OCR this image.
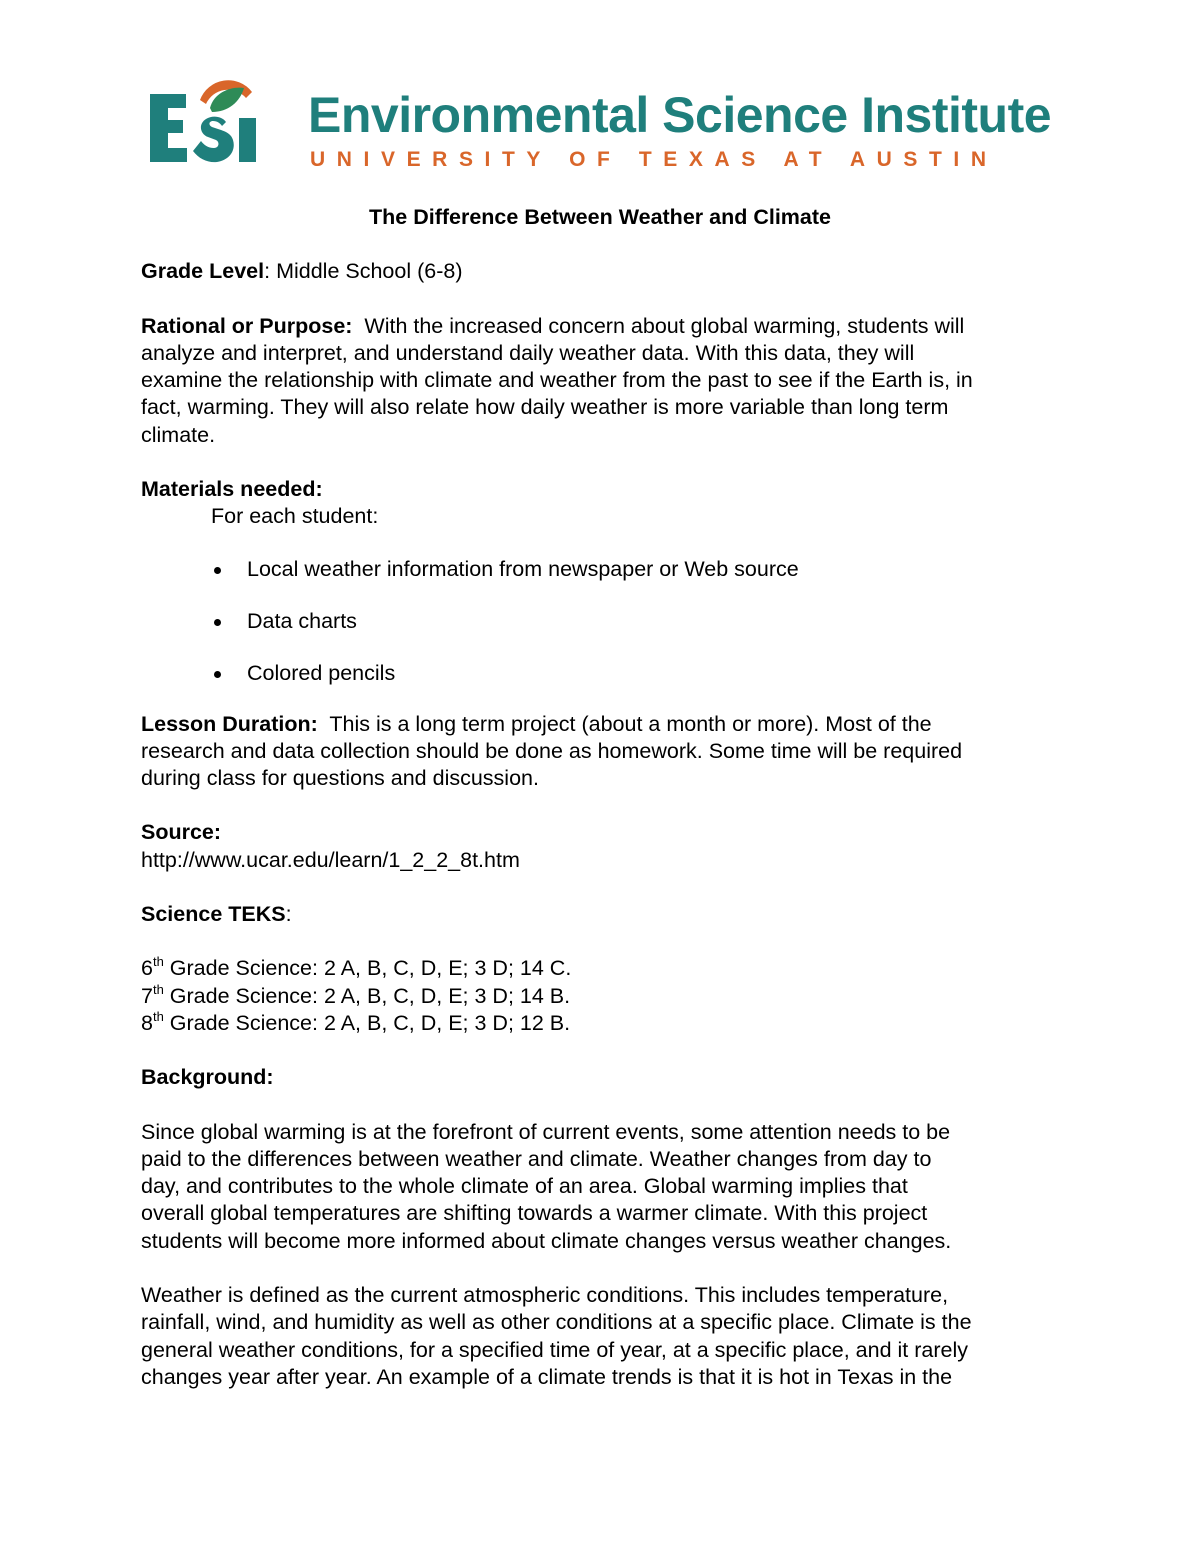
Environmental Science Institute
UNIVERSITY OF TEXAS AT AUSTIN

The Difference Between Weather and Climate

Grade Level: Middle School (6-8)

Rational or Purpose: With the increased concern about global warming, students will

analyze and interpret, and understand daily weather data. With this data, they will

examine the relationship with climate and weather from the past to see if the Earth is, in

fact, warming. They will also relate how daily weather is more variable than long term

climate.

Materials needed:

For each student:

Local weather information from newspaper or Web source
Data charts
Colored pencils

Lesson Duration: This is a long term project (about a month or more). Most of the

research and data collection should be done as homework. Some time will be required

during class for questions and discussion.

Source:

http://www.ucar.edu/learn/1_2_2_8t.htm

Science TEKS:

6th Grade Science: 2 A, B, C, D, E; 3 D; 14 C.

7th Grade Science: 2 A, B, C, D, E; 3 D; 14 B.

8th Grade Science: 2 A, B, C, D, E; 3 D; 12 B.

Background:

Since global warming is at the forefront of current events, some attention needs to be

paid to the differences between weather and climate. Weather changes from day to

day, and contributes to the whole climate of an area. Global warming implies that

overall global temperatures are shifting towards a warmer climate. With this project

students will become more informed about climate changes versus weather changes.

Weather is defined as the current atmospheric conditions. This includes temperature,

rainfall, wind, and humidity as well as other conditions at a specific place. Climate is the

general weather conditions, for a specified time of year, at a specific place, and it rarely

changes year after year. An example of a climate trends is that it is hot in Texas in the
